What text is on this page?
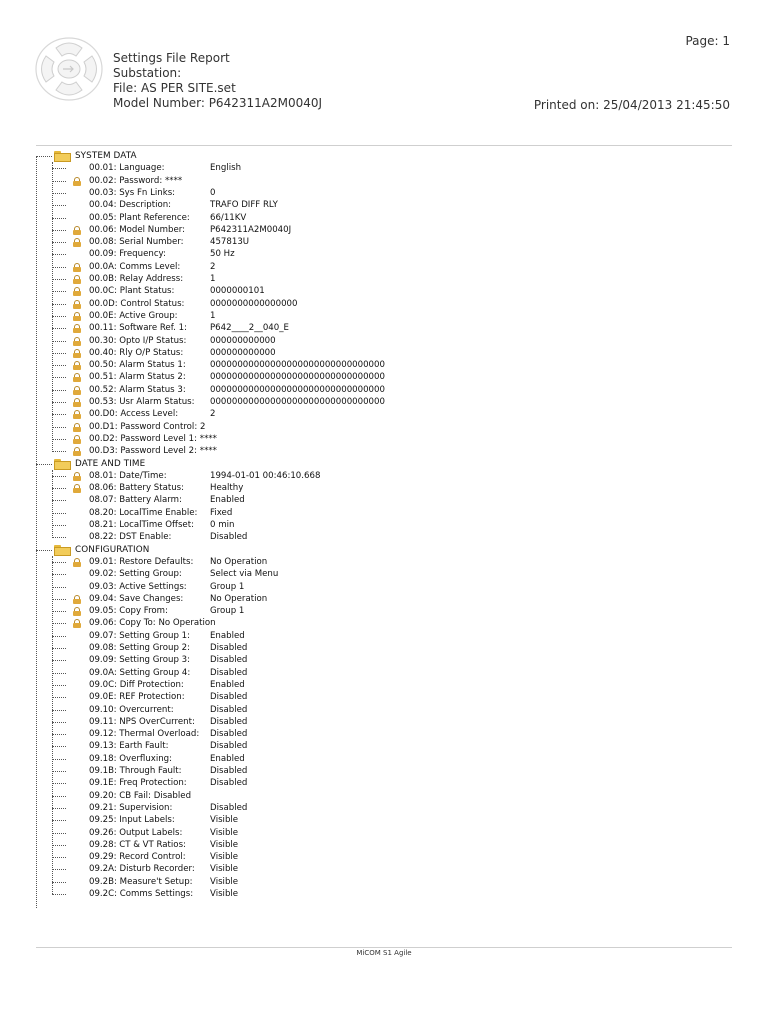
Page: 1
Settings File Report
Substation:
File: AS PER SITE.set
Model Number: P642311A2M0040J	Printed on: 25/04/2013 21:45:50
SYSTEM DATA
00.01: Language:	English
00.02: Password: ****
00.03: Sys Fn Links:	0
00.04: Description:	TRAFO DIFF RLY
00.05: Plant Reference: 66/11KV
00.06: Model Number:	P642311A2M0040J
00.08: Serial Number:	457813U
00.09: Frequency:	50 Hz
00.0A: Comms Level:	2
00.0B: Relay Address:	1
00.0C: Plant Status:	0000000101
00.0D: Control Status:	0000000000000000
00.0E: Active Group:	1
00.11: Software Ref. 1:	P642____2__040_E
00.30: Opto I/P Status:	000000000000
00.40: Rly O/P Status:	000000000000
00.50: Alarm Status 1:	00000000000000000000000000000000
00.51: Alarm Status 2:	00000000000000000000000000000000
00.52: Alarm Status 3:	00000000000000000000000000000000
00.53: Usr Alarm Status: 00000000000000000000000000000000
00.D0: Access Level:	2
00.D1: Password Control: 2
00.D2: Password Level 1: ****
00.D3: Password Level 2: ****
DATE AND TIME
08.01: Date/Time:	1994-01-01 00:46:10.668
08.06: Battery Status:	Healthy
08.07: Battery Alarm:	Enabled
08.20: LocalTime Enable: Fixed
08.21: LocalTime Offset: 0 min
08.22: DST Enable:	Disabled
CONFIGURATION
09.01: Restore Defaults: No Operation
09.02: Setting Group:	Select via Menu
09.03: Active Settings:	Group 1
09.04: Save Changes:	No Operation
09.05: Copy From:	Group 1
09.06: Copy To: No Operation
09.07: Setting Group 1: Enabled
09.08: Setting Group 2: Disabled
09.09: Setting Group 3: Disabled
09.0A: Setting Group 4: Disabled
09.0C: Diff Protection:	Enabled
09.0E: REF Protection:	Disabled
09.10: Overcurrent:	Disabled
09.11: NPS OverCurrent: Disabled
09.12: Thermal Overload: Disabled
09.13: Earth Fault:	Disabled
09.18: Overfluxing:	Enabled
09.1B: Through Fault:	Disabled
09.1E: Freq Protection:	Disabled
09.20: CB Fail: Disabled
09.21: Supervision:	Disabled
09.25: Input Labels:	Visible
09.26: Output Labels:	Visible
09.28: CT & VT Ratios:	Visible
09.29: Record Control:	Visible
09.2A: Disturb Recorder: Visible
09.2B: Measure't Setup: Visible
09.2C: Comms Settings: Visible
MiCOM S1 Agile
